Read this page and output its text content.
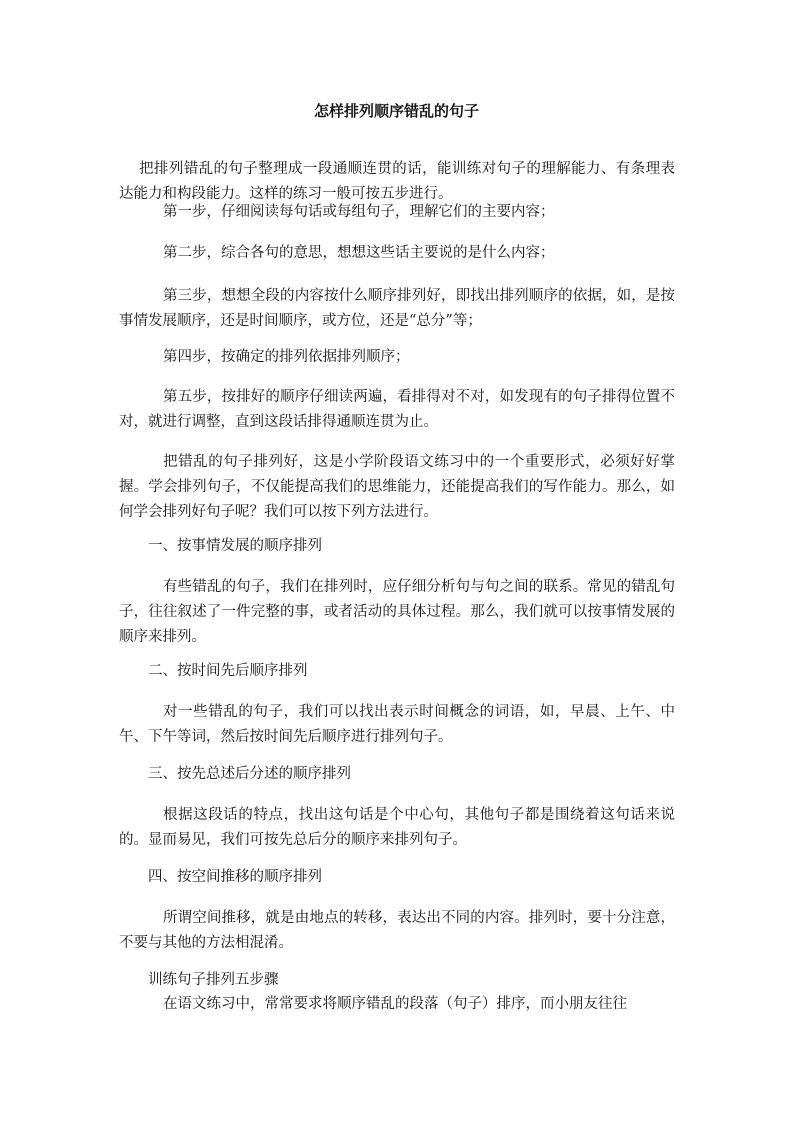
怎样排列顺序错乱的句子

把排列错乱的句子整理成一段通顺连贯的话，能训练对句子的理解能力、有条理表达能力和构段能力。这样的练习一般可按五步进行。

第一步，仔细阅读每句话或每组句子，理解它们的主要内容；

第二步，综合各句的意思，想想这些话主要说的是什么内容；

第三步，想想全段的内容按什么顺序排列好，即找出排列顺序的依据，如，是按事情发展顺序，还是时间顺序，或方位，还是“总分”等；

第四步，按确定的排列依据排列顺序；

第五步，按排好的顺序仔细读两遍，看排得对不对，如发现有的句子排得位置不对，就进行调整，直到这段话排得通顺连贯为止。

把错乱的句子排列好，这是小学阶段语文练习中的一个重要形式，必须好好掌握。学会排列句子，不仅能提高我们的思维能力，还能提高我们的写作能力。那么，如何学会排列好句子呢？我们可以按下列方法进行。

一、按事情发展的顺序排列

有些错乱的句子，我们在排列时，应仔细分析句与句之间的联系。常见的错乱句子，往往叙述了一件完整的事，或者活动的具体过程。那么，我们就可以按事情发展的顺序来排列。

二、按时间先后顺序排列

对一些错乱的句子，我们可以找出表示时间概念的词语，如，早晨、上午、中午、下午等词，然后按时间先后顺序进行排列句子。

三、按先总述后分述的顺序排列

根据这段话的特点，找出这句话是个中心句，其他句子都是围绕着这句话来说的。显而易见，我们可按先总后分的顺序来排列句子。

四、按空间推移的顺序排列

所谓空间推移，就是由地点的转移，表达出不同的内容。排列时，要十分注意，不要与其他的方法相混淆。

训练句子排列五步骤

在语文练习中，常常要求将顺序错乱的段落（句子）排序，而小朋友往往
